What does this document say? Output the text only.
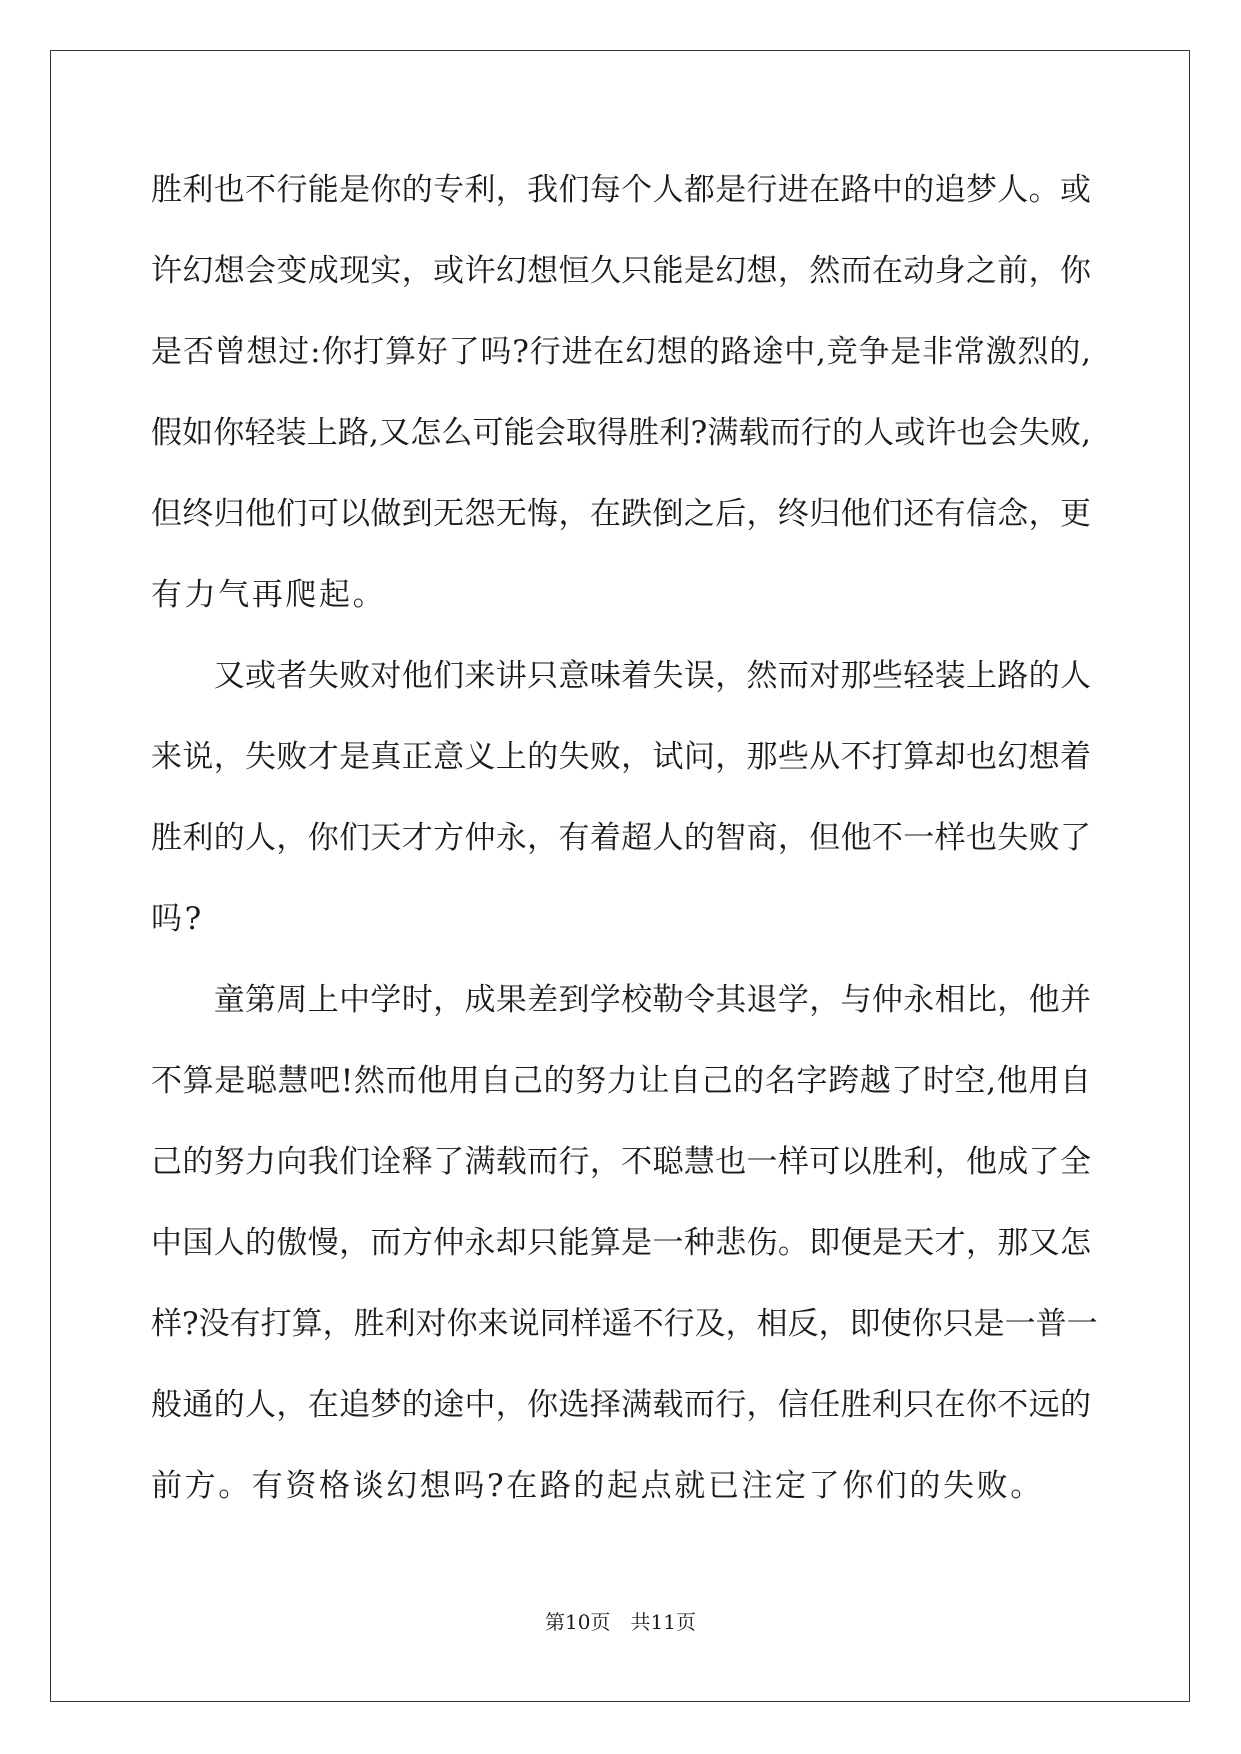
胜利也不行能是你的专利，我们每个人都是行进在路中的追梦人。或
许幻想会变成现实，或许幻想恒久只能是幻想，然而在动身之前，你
是否曾想过:你打算好了吗?行进在幻想的路途中,竞争是非常激烈的,
假如你轻装上路,又怎么可能会取得胜利?满载而行的人或许也会失败,
但终归他们可以做到无怨无悔，在跌倒之后，终归他们还有信念，更
有力气再爬起。
　　又或者失败对他们来讲只意味着失误，然而对那些轻装上路的人
来说，失败才是真正意义上的失败，试问，那些从不打算却也幻想着
胜利的人，你们天才方仲永，有着超人的智商，但他不一样也失败了
吗?
　　童第周上中学时，成果差到学校勒令其退学，与仲永相比，他并
不算是聪慧吧!然而他用自己的努力让自己的名字跨越了时空,他用自
己的努力向我们诠释了满载而行，不聪慧也一样可以胜利，他成了全
中国人的傲慢，而方仲永却只能算是一种悲伤。即便是天才，那又怎
样?没有打算，胜利对你来说同样遥不行及，相反，即使你只是一普一
般通的人，在追梦的途中，你选择满载而行，信任胜利只在你不远的
前方。有资格谈幻想吗?在路的起点就已注定了你们的失败。
第10页　共11页
